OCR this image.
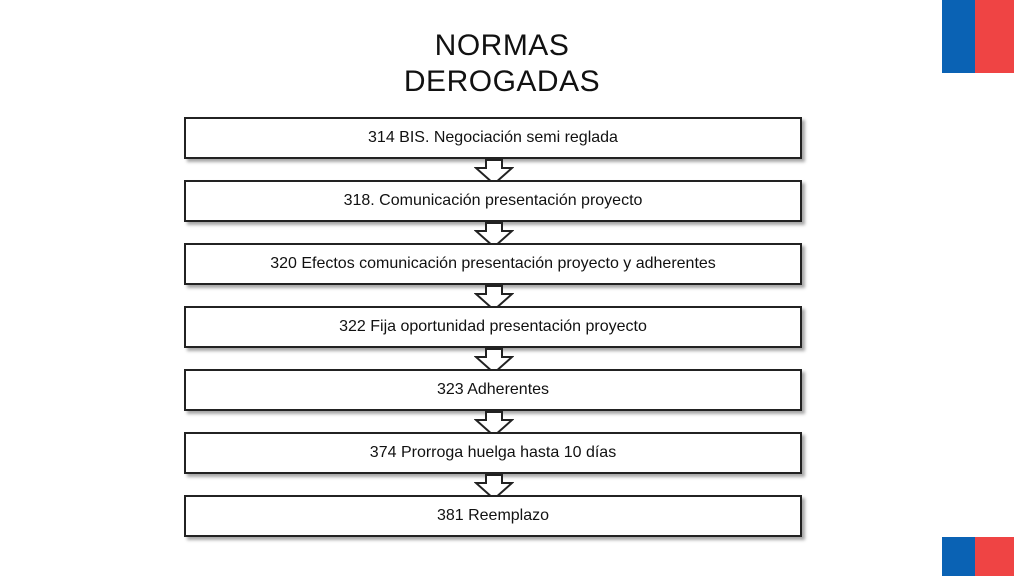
NORMAS
DEROGADAS
314 BIS. Negociación semi reglada
318. Comunicación presentación proyecto
320 Efectos comunicación presentación proyecto y adherentes
322 Fija oportunidad presentación proyecto
323 Adherentes
374 Prorroga huelga hasta 10 días
381 Reemplazo
